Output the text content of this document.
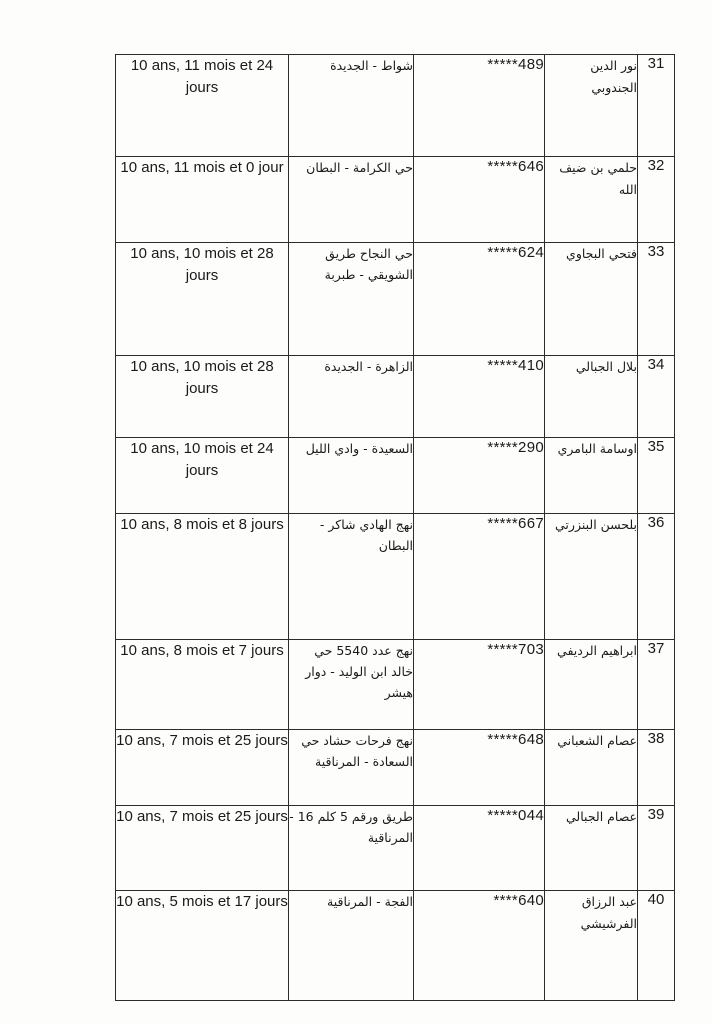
10 ans, 11 mois et 24 jours	شواط - الجديدة	*****489	نور الدين الجندوبي	31
10 ans, 11 mois et 0 jour	حي الكرامة - البطان	*****646	حلمي بن ضيف الله	32
10 ans, 10 mois et 28 jours	حي النجاح طريق الشويقي - طبربة	*****624	فتحي البجاوي	33
10 ans, 10 mois et 28 jours	الزاهرة - الجديدة	*****410	بلال الجبالي	34
10 ans, 10 mois et 24 jours	السعيدة - وادي الليل	*****290	اوسامة البامري	35
10 ans, 8 mois et 8 jours	نهج الهادي شاكر - البطان	*****667	بلحسن البنزرتي	36
10 ans, 8 mois et 7 jours	نهج عدد 5540 حي خالد ابن الوليد - دوار هيشر	*****703	ابراهيم الرديفي	37
10 ans, 7 mois et 25 jours	نهج فرحات حشاد حي السعادة - المرناقية	*****648	عصام الشعباني	38
10 ans, 7 mois et 25 jours	طريق ورقم 5 كلم 16 - المرناقية	*****044	عصام الجبالي	39
10 ans, 5 mois et 17 jours	الفجة - المرناقية	****640	عبد الرزاق الفرشيشي	40
